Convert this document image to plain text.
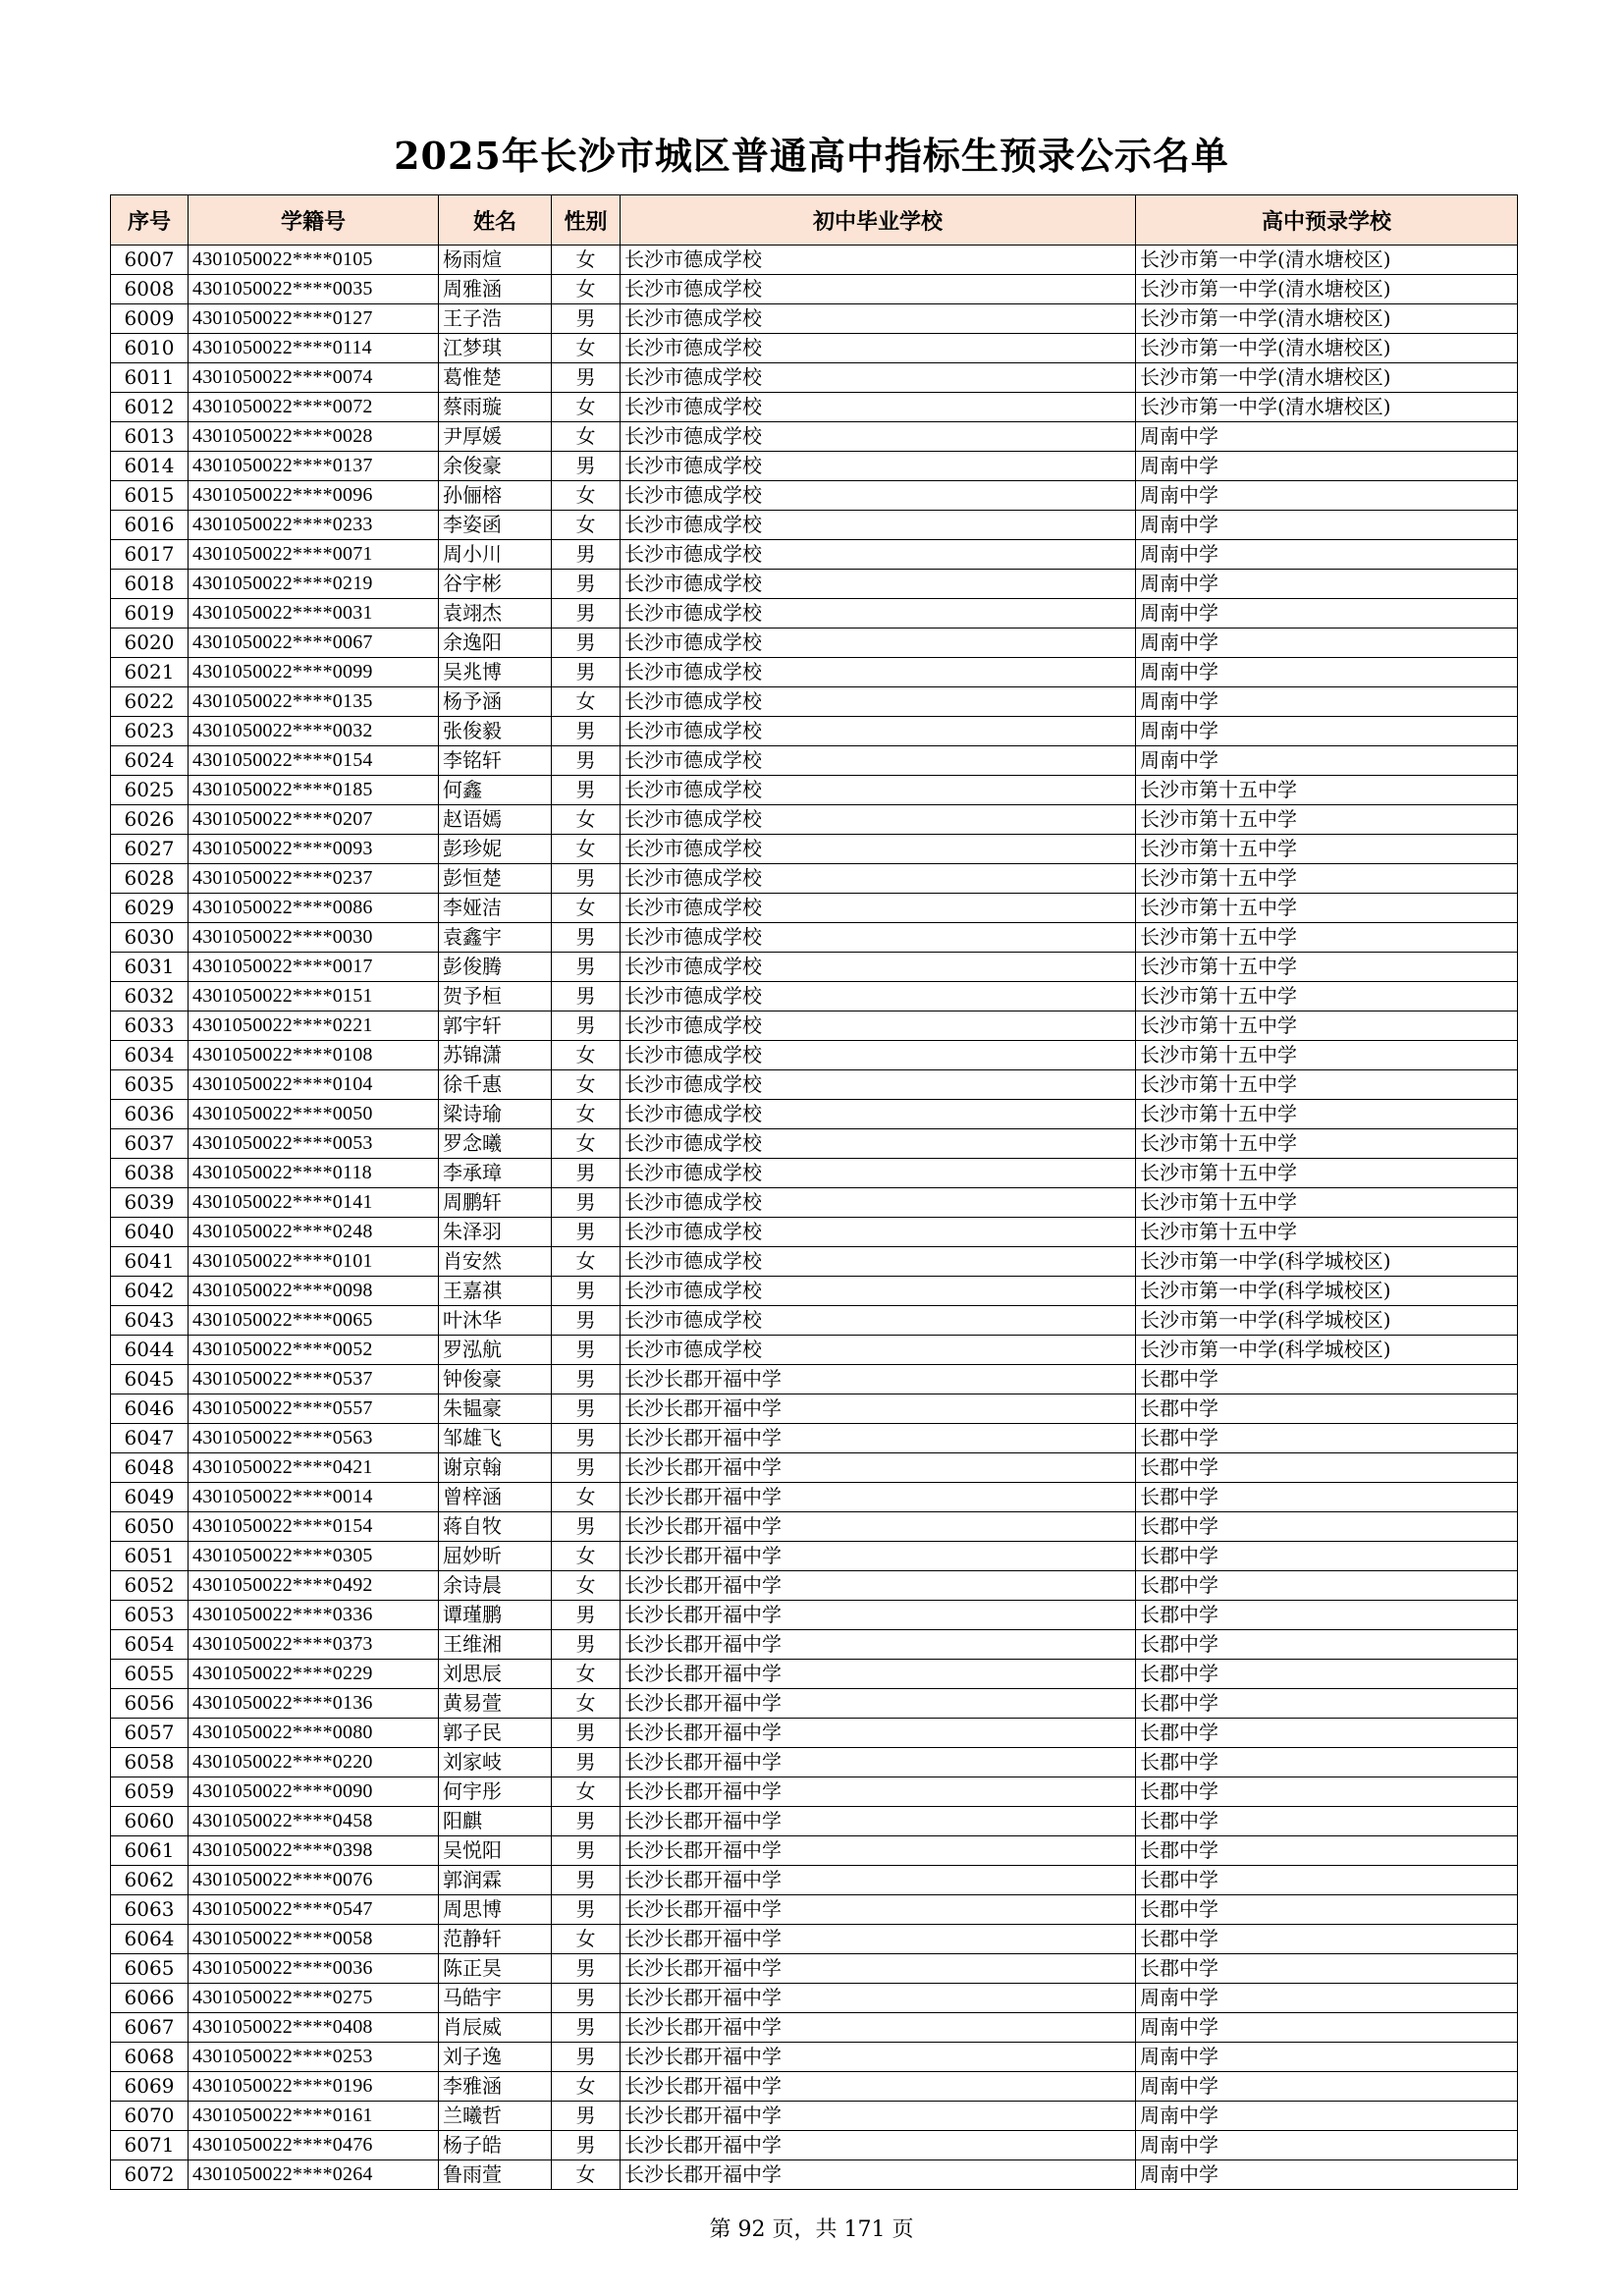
2025年长沙市城区普通高中指标生预录公示名单
序号	学籍号	姓名	性别	初中毕业学校	高中预录学校
6007	4301050022****0105	杨雨煊	女	长沙市德成学校	长沙市第一中学(清水塘校区)
6008	4301050022****0035	周雅涵	女	长沙市德成学校	长沙市第一中学(清水塘校区)
6009	4301050022****0127	王子浩	男	长沙市德成学校	长沙市第一中学(清水塘校区)
6010	4301050022****0114	江梦琪	女	长沙市德成学校	长沙市第一中学(清水塘校区)
6011	4301050022****0074	葛惟楚	男	长沙市德成学校	长沙市第一中学(清水塘校区)
6012	4301050022****0072	蔡雨璇	女	长沙市德成学校	长沙市第一中学(清水塘校区)
6013	4301050022****0028	尹厚媛	女	长沙市德成学校	周南中学
6014	4301050022****0137	余俊豪	男	长沙市德成学校	周南中学
6015	4301050022****0096	孙俪榕	女	长沙市德成学校	周南中学
6016	4301050022****0233	李姿函	女	长沙市德成学校	周南中学
6017	4301050022****0071	周小川	男	长沙市德成学校	周南中学
6018	4301050022****0219	谷宇彬	男	长沙市德成学校	周南中学
6019	4301050022****0031	袁翊杰	男	长沙市德成学校	周南中学
6020	4301050022****0067	余逸阳	男	长沙市德成学校	周南中学
6021	4301050022****0099	吴兆博	男	长沙市德成学校	周南中学
6022	4301050022****0135	杨予涵	女	长沙市德成学校	周南中学
6023	4301050022****0032	张俊毅	男	长沙市德成学校	周南中学
6024	4301050022****0154	李铭轩	男	长沙市德成学校	周南中学
6025	4301050022****0185	何鑫	男	长沙市德成学校	长沙市第十五中学
6026	4301050022****0207	赵语嫣	女	长沙市德成学校	长沙市第十五中学
6027	4301050022****0093	彭珍妮	女	长沙市德成学校	长沙市第十五中学
6028	4301050022****0237	彭恒楚	男	长沙市德成学校	长沙市第十五中学
6029	4301050022****0086	李娅洁	女	长沙市德成学校	长沙市第十五中学
6030	4301050022****0030	袁鑫宇	男	长沙市德成学校	长沙市第十五中学
6031	4301050022****0017	彭俊腾	男	长沙市德成学校	长沙市第十五中学
6032	4301050022****0151	贺予桓	男	长沙市德成学校	长沙市第十五中学
6033	4301050022****0221	郭宇轩	男	长沙市德成学校	长沙市第十五中学
6034	4301050022****0108	苏锦潇	女	长沙市德成学校	长沙市第十五中学
6035	4301050022****0104	徐千惠	女	长沙市德成学校	长沙市第十五中学
6036	4301050022****0050	梁诗瑜	女	长沙市德成学校	长沙市第十五中学
6037	4301050022****0053	罗念曦	女	长沙市德成学校	长沙市第十五中学
6038	4301050022****0118	李承璋	男	长沙市德成学校	长沙市第十五中学
6039	4301050022****0141	周鹏轩	男	长沙市德成学校	长沙市第十五中学
6040	4301050022****0248	朱泽羽	男	长沙市德成学校	长沙市第十五中学
6041	4301050022****0101	肖安然	女	长沙市德成学校	长沙市第一中学(科学城校区)
6042	4301050022****0098	王嘉祺	男	长沙市德成学校	长沙市第一中学(科学城校区)
6043	4301050022****0065	叶沐华	男	长沙市德成学校	长沙市第一中学(科学城校区)
6044	4301050022****0052	罗泓航	男	长沙市德成学校	长沙市第一中学(科学城校区)
6045	4301050022****0537	钟俊豪	男	长沙长郡开福中学	长郡中学
6046	4301050022****0557	朱韫豪	男	长沙长郡开福中学	长郡中学
6047	4301050022****0563	邹雄飞	男	长沙长郡开福中学	长郡中学
6048	4301050022****0421	谢京翰	男	长沙长郡开福中学	长郡中学
6049	4301050022****0014	曾梓涵	女	长沙长郡开福中学	长郡中学
6050	4301050022****0154	蒋自牧	男	长沙长郡开福中学	长郡中学
6051	4301050022****0305	屈妙昕	女	长沙长郡开福中学	长郡中学
6052	4301050022****0492	余诗晨	女	长沙长郡开福中学	长郡中学
6053	4301050022****0336	谭瑾鹏	男	长沙长郡开福中学	长郡中学
6054	4301050022****0373	王维湘	男	长沙长郡开福中学	长郡中学
6055	4301050022****0229	刘思辰	女	长沙长郡开福中学	长郡中学
6056	4301050022****0136	黄易萱	女	长沙长郡开福中学	长郡中学
6057	4301050022****0080	郭子民	男	长沙长郡开福中学	长郡中学
6058	4301050022****0220	刘家岐	男	长沙长郡开福中学	长郡中学
6059	4301050022****0090	何宇彤	女	长沙长郡开福中学	长郡中学
6060	4301050022****0458	阳麒	男	长沙长郡开福中学	长郡中学
6061	4301050022****0398	吴悦阳	男	长沙长郡开福中学	长郡中学
6062	4301050022****0076	郭润霖	男	长沙长郡开福中学	长郡中学
6063	4301050022****0547	周思博	男	长沙长郡开福中学	长郡中学
6064	4301050022****0058	范静轩	女	长沙长郡开福中学	长郡中学
6065	4301050022****0036	陈正昊	男	长沙长郡开福中学	长郡中学
6066	4301050022****0275	马皓宇	男	长沙长郡开福中学	周南中学
6067	4301050022****0408	肖辰威	男	长沙长郡开福中学	周南中学
6068	4301050022****0253	刘子逸	男	长沙长郡开福中学	周南中学
6069	4301050022****0196	李雅涵	女	长沙长郡开福中学	周南中学
6070	4301050022****0161	兰曦哲	男	长沙长郡开福中学	周南中学
6071	4301050022****0476	杨子皓	男	长沙长郡开福中学	周南中学
6072	4301050022****0264	鲁雨萱	女	长沙长郡开福中学	周南中学
第 92 页，共 171 页
